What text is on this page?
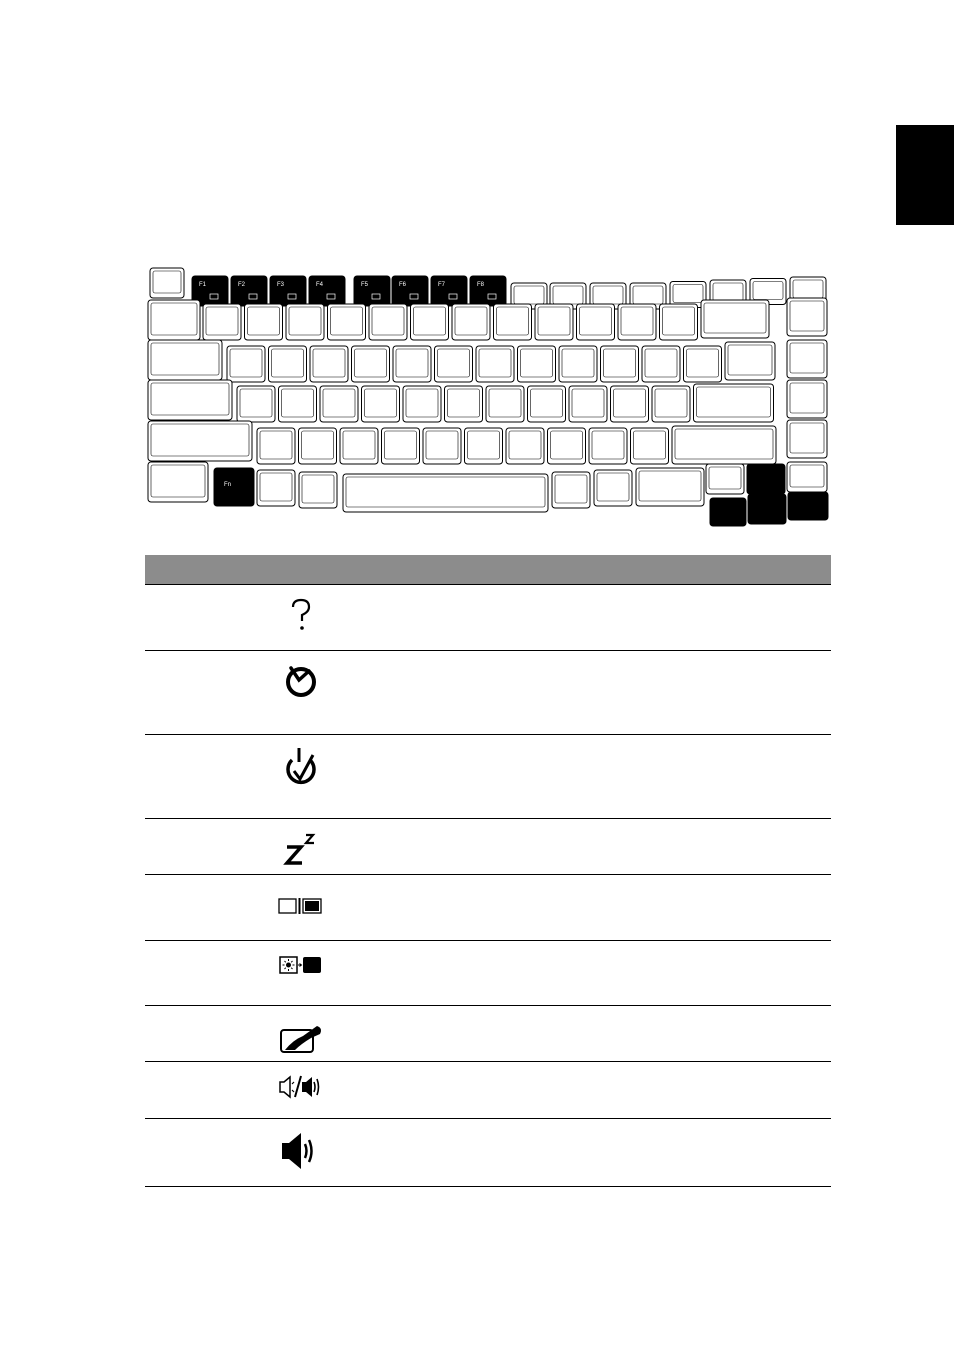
F1	F2	F3	F4	F5	F6	F7	F8
Fn
